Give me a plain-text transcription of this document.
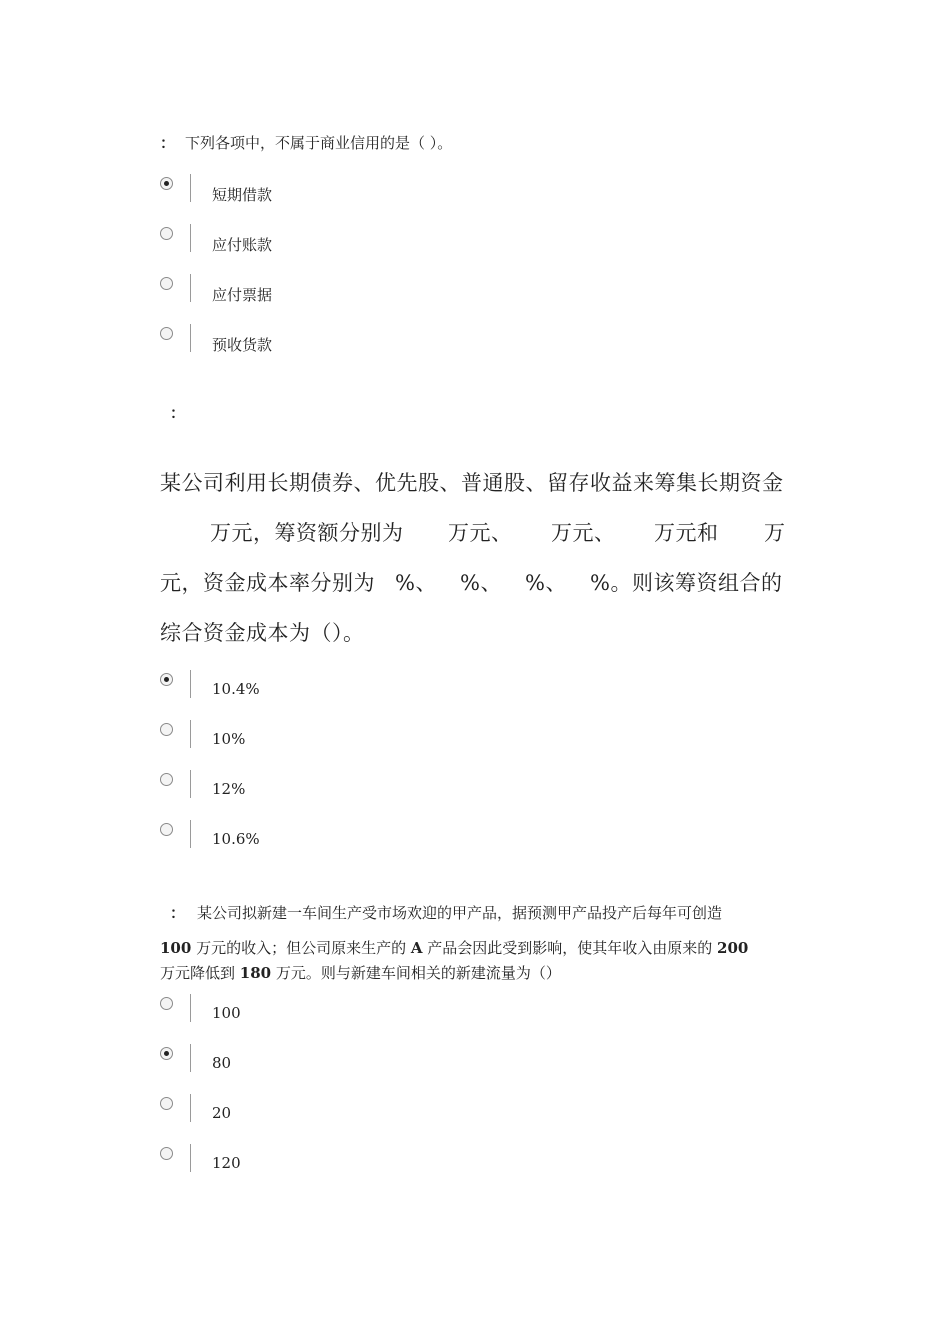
： 下列各项中，不属于商业信用的是（ ）。
短期借款
应付账款
应付票据
预收货款
：
某公司利用长期债券、优先股、普通股、留存收益来筹集长期资金
万元，筹资额分别为 万元、 万元、 万元和 万
元，资金成本率分别为 %、 %、 %、 %。则该筹资组合的
综合资金成本为（）。
10.4%
10%
12%
10.6%
： 某公司拟新建一车间生产受市场欢迎的甲产品，据预测甲产品投产后每年可创造
100 万元的收入；但公司原来生产的 A 产品会因此受到影响，使其年收入由原来的 200
万元降低到 180 万元。则与新建车间相关的新建流量为（）
100
80
20
120
